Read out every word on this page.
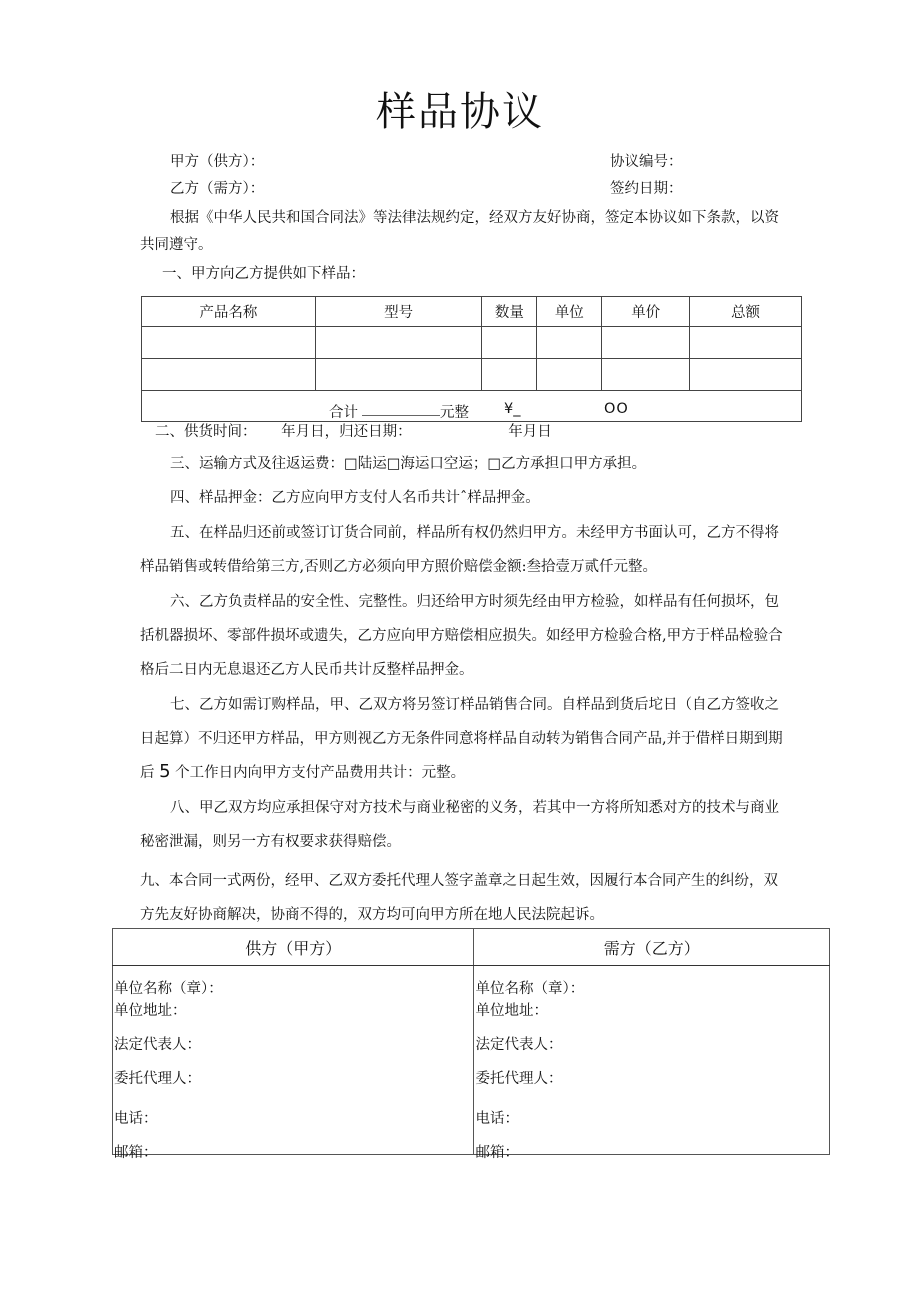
样品协议
甲方（供方）：	协议编号：
乙方（需方）：	签约日期：
根据《中华人民共和国合同法》等法律法规约定，经双方友好协商，签定本协议如下条款，以资
共同遵守。
一、甲方向乙方提供如下样品：
产品名称	型号	数量	单位	单价	总额

合计 元整 ¥_ OO					
二、供货时间： 年月日，归还日期：	年月日
三、运输方式及往返运费：□陆运□海运口空运；□乙方承担口甲方承担。
四、样品押金：乙方应向甲方支付人名币共计ˆ样品押金。
五、在样品归还前或签订订货合同前，样品所有权仍然归甲方。未经甲方书面认可，乙方不得将
样品销售或转借给第三方,否则乙方必须向甲方照价赔偿金额:叁拾壹万贰仟元整。
六、乙方负责样品的安全性、完整性。归还给甲方时须先经由甲方检验，如样品有任何损坏，包
括机器损坏、零部件损坏或遗失，乙方应向甲方赔偿相应损失。如经甲方检验合格,甲方于样品检验合
格后二日内无息退还乙方人民币共计反整样品押金。
七、乙方如需订购样品，甲、乙双方将另签订样品销售合同。自样品到货后坨日（自乙方签收之
日起算）不归还甲方样品，甲方则视乙方无条件同意将样品自动转为销售合同产品,并于借样日期到期
后 5 个工作日内向甲方支付产品费用共计：元整。
八、甲乙双方均应承担保守对方技术与商业秘密的义务，若其中一方将所知悉对方的技术与商业
秘密泄漏，则另一方有权要求获得赔偿。
九、本合同一式两份，经甲、乙双方委托代理人签字盖章之日起生效，因履行本合同产生的纠纷，双
方先友好协商解决，协商不得的，双方均可向甲方所在地人民法院起诉。
供方（甲方）	需方（乙方）

单位名称（章）：
单位地址：
法定代表人：
委托代理人：
电话：
邮箱：

单位名称（章）：
单位地址：
法定代表人：
委托代理人：
电话：
邮箱：
